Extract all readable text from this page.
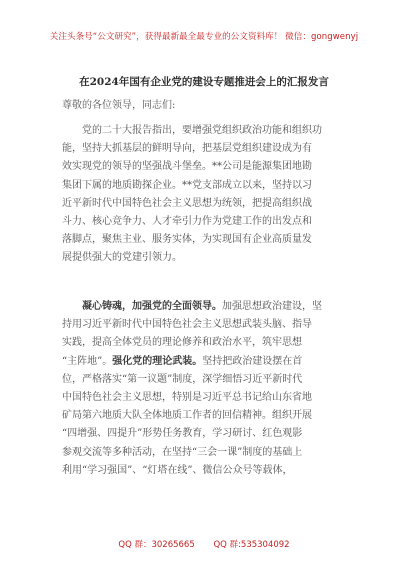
关注头条号“公文研究”，获得最新最全最专业的公文资料库！ 微信：gongwenyj
在2024年国有企业党的建设专题推进会上的汇报发言
尊敬的各位领导，同志们:
党的二十大报告指出，要增强党组织政治功能和组织功
能，坚持大抓基层的鲜明导向，把基层党组织建设成为有
效实现党的领导的坚强战斗堡垒。**公司是能源集团地勘
集团下属的地质勘探企业。**党支部成立以来，坚持以习
近平新时代中国特色社会主义思想为统领，把提高组织战
斗力、核心竞争力、人才牵引力作为党建工作的出发点和
落脚点，聚焦主业、服务实体，为实现国有企业高质量发
展提供强大的党建引领力。
凝心铸魂，加强党的全面领导。加强思想政治建设，坚
持用习近平新时代中国特色社会主义思想武装头脑、指导
实践，提高全体党员的理论修养和政治水平，筑牢思想
“主阵地”。强化党的理论武装。坚持把政治建设摆在首
位，严格落实“第一议题”制度，深学细悟习近平新时代
中国特色社会主义思想，特别是习近平总书记给山东省地
矿局第六地质大队全体地质工作者的回信精神。组织开展
“四增强、四提升”形势任务教育，学习研讨、红色观影
参观交流等多种活动，在坚持“三会一课”制度的基础上
利用“学习强国”、“灯塔在线”、微信公众号等载体，
QQ 群：30265665 QQ 群:535304092
